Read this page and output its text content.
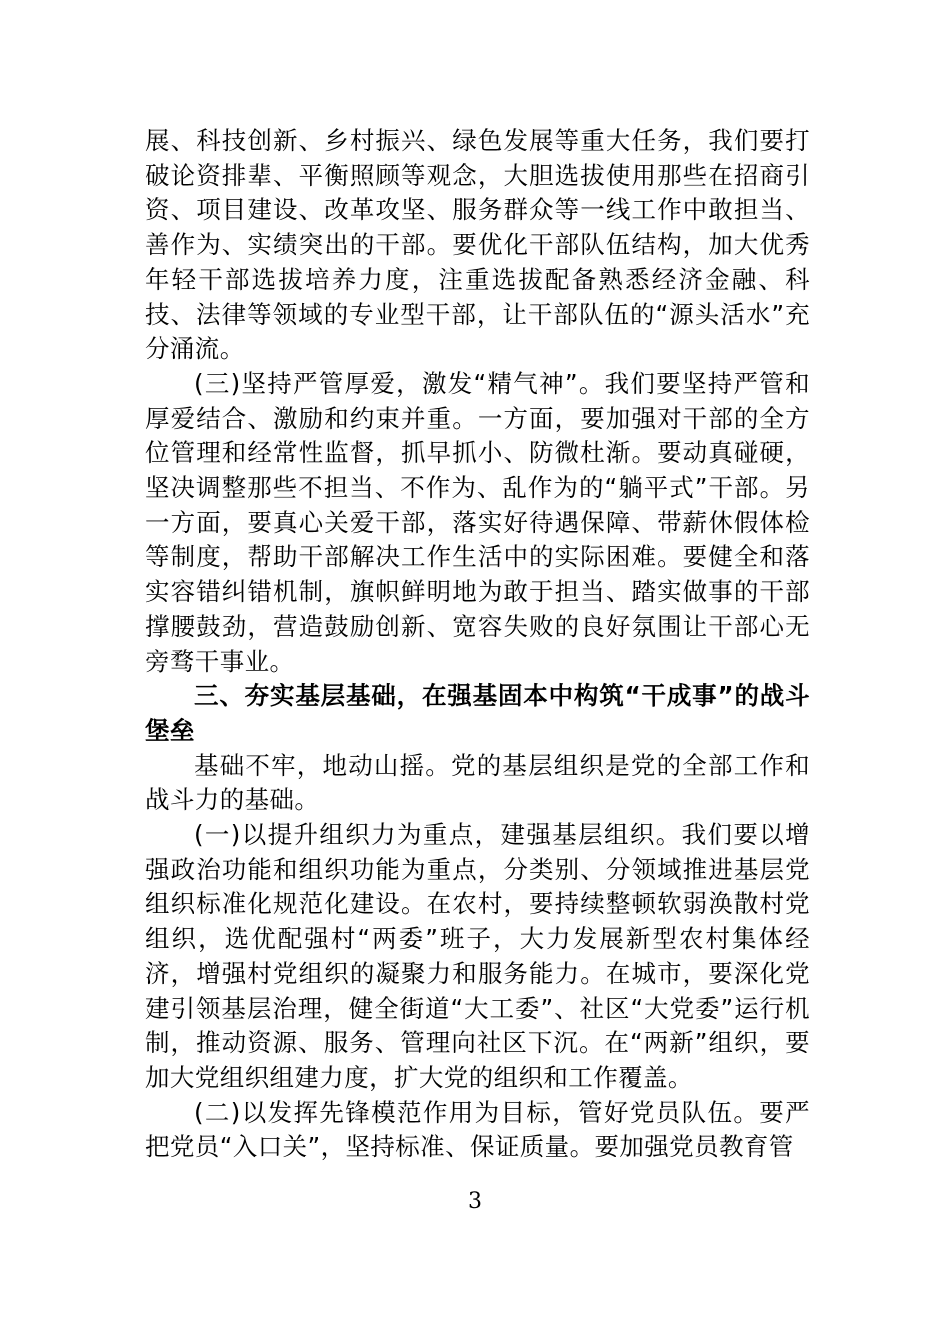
展、科技创新、乡村振兴、绿色发展等重大任务，我们要打破论资排辈、平衡照顾等观念，大胆选拔使用那些在招商引资、项目建设、改革攻坚、服务群众等一线工作中敢担当、善作为、实绩突出的干部。要优化干部队伍结构，加大优秀年轻干部选拔培养力度，注重选拔配备熟悉经济金融、科技、法律等领域的专业型干部，让干部队伍的“源头活水”充分涌流。

(三)坚持严管厚爱，激发“精气神”。我们要坚持严管和厚爱结合、激励和约束并重。一方面，要加强对干部的全方位管理和经常性监督，抓早抓小、防微杜渐。要动真碰硬，坚决调整那些不担当、不作为、乱作为的“躺平式”干部。另一方面，要真心关爱干部，落实好待遇保障、带薪休假体检等制度，帮助干部解决工作生活中的实际困难。要健全和落实容错纠错机制，旗帜鲜明地为敢于担当、踏实做事的干部撑腰鼓劲，营造鼓励创新、宽容失败的良好氛围让干部心无旁骛干事业。

三、夯实基层基础，在强基固本中构筑“干成事”的战斗堡垒

基础不牢，地动山摇。党的基层组织是党的全部工作和战斗力的基础。

(一)以提升组织力为重点，建强基层组织。我们要以增强政治功能和组织功能为重点，分类别、分领域推进基层党组织标准化规范化建设。在农村，要持续整顿软弱涣散村党组织，选优配强村“两委”班子，大力发展新型农村集体经济，增强村党组织的凝聚力和服务能力。在城市，要深化党建引领基层治理，健全街道“大工委”、社区“大党委”运行机制，推动资源、服务、管理向社区下沉。在“两新”组织，要加大党组织组建力度，扩大党的组织和工作覆盖。

(二)以发挥先锋模范作用为目标，管好党员队伍。要严把党员“入口关”，坚持标准、保证质量。要加强党员教育管

3
